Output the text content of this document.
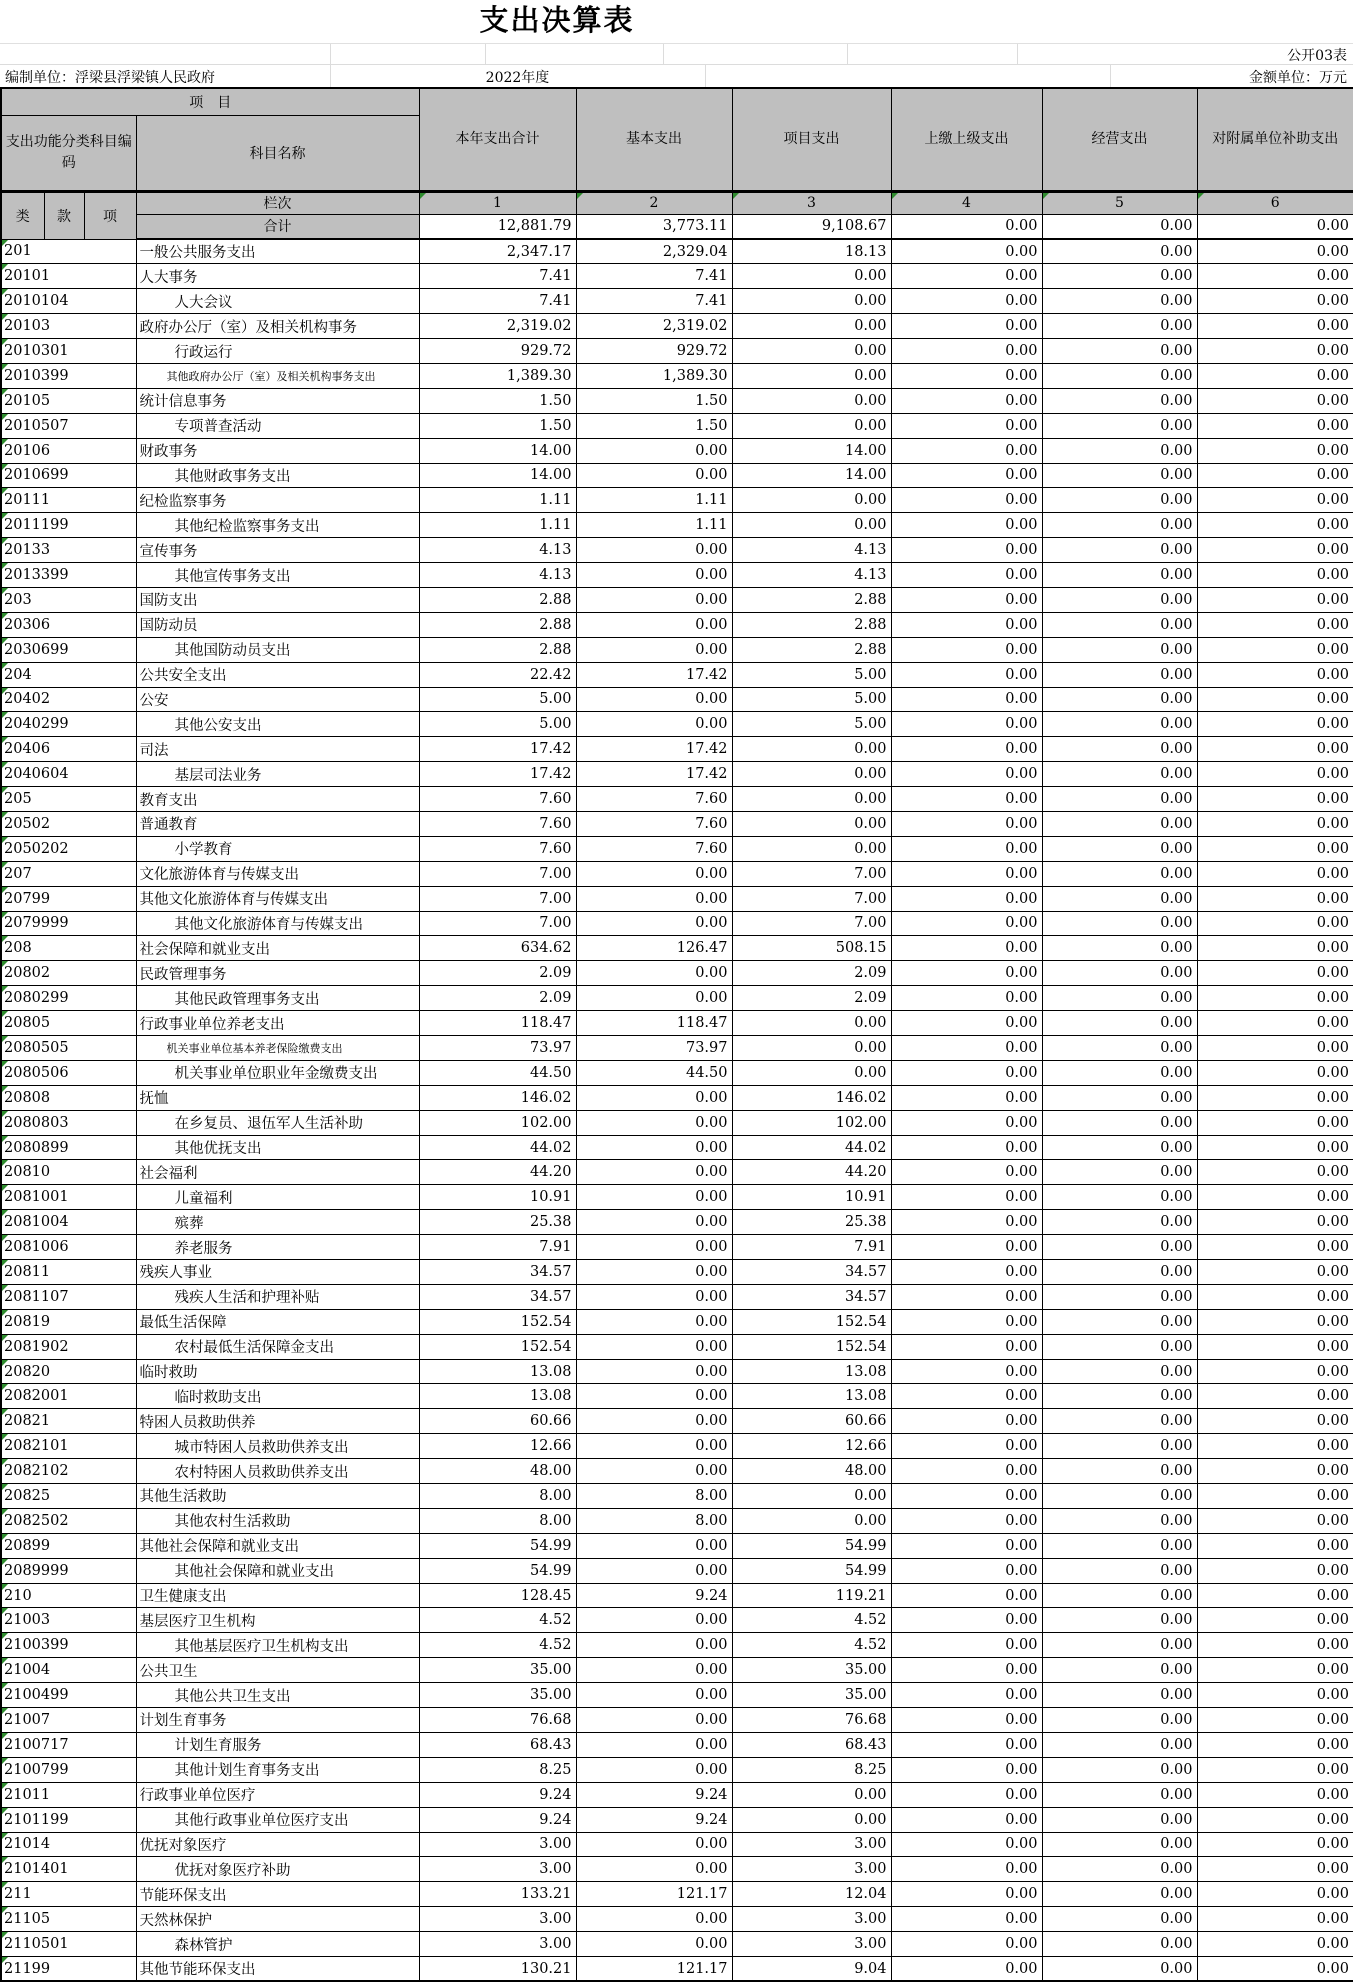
支出决算表
公开03表
编制单位：浮梁县浮梁镇人民政府	2022年度	金额单位：万元
项　目				本年支出合计	基本支出	项目支出	上缴上级支出	经营支出	对附属单位补助支出
支出功能分类科目编码			科目名称						
类	款	项	栏次	1	2	3	4	5	6
			合计	12,881.79	3,773.11	9,108.67	0.00	0.00	0.00
201			一般公共服务支出	2,347.17	2,329.04	18.13	0.00	0.00	0.00
20101			人大事务	7.41	7.41	0.00	0.00	0.00	0.00
2010104			人大会议	7.41	7.41	0.00	0.00	0.00	0.00
20103			政府办公厅（室）及相关机构事务	2,319.02	2,319.02	0.00	0.00	0.00	0.00
2010301			行政运行	929.72	929.72	0.00	0.00	0.00	0.00
2010399			其他政府办公厅（室）及相关机构事务支出	1,389.30	1,389.30	0.00	0.00	0.00	0.00
20105			统计信息事务	1.50	1.50	0.00	0.00	0.00	0.00
2010507			专项普查活动	1.50	1.50	0.00	0.00	0.00	0.00
20106			财政事务	14.00	0.00	14.00	0.00	0.00	0.00
2010699			其他财政事务支出	14.00	0.00	14.00	0.00	0.00	0.00
20111			纪检监察事务	1.11	1.11	0.00	0.00	0.00	0.00
2011199			其他纪检监察事务支出	1.11	1.11	0.00	0.00	0.00	0.00
20133			宣传事务	4.13	0.00	4.13	0.00	0.00	0.00
2013399			其他宣传事务支出	4.13	0.00	4.13	0.00	0.00	0.00
203			国防支出	2.88	0.00	2.88	0.00	0.00	0.00
20306			国防动员	2.88	0.00	2.88	0.00	0.00	0.00
2030699			其他国防动员支出	2.88	0.00	2.88	0.00	0.00	0.00
204			公共安全支出	22.42	17.42	5.00	0.00	0.00	0.00
20402			公安	5.00	0.00	5.00	0.00	0.00	0.00
2040299			其他公安支出	5.00	0.00	5.00	0.00	0.00	0.00
20406			司法	17.42	17.42	0.00	0.00	0.00	0.00
2040604			基层司法业务	17.42	17.42	0.00	0.00	0.00	0.00
205			教育支出	7.60	7.60	0.00	0.00	0.00	0.00
20502			普通教育	7.60	7.60	0.00	0.00	0.00	0.00
2050202			小学教育	7.60	7.60	0.00	0.00	0.00	0.00
207			文化旅游体育与传媒支出	7.00	0.00	7.00	0.00	0.00	0.00
20799			其他文化旅游体育与传媒支出	7.00	0.00	7.00	0.00	0.00	0.00
2079999			其他文化旅游体育与传媒支出	7.00	0.00	7.00	0.00	0.00	0.00
208			社会保障和就业支出	634.62	126.47	508.15	0.00	0.00	0.00
20802			民政管理事务	2.09	0.00	2.09	0.00	0.00	0.00
2080299			其他民政管理事务支出	2.09	0.00	2.09	0.00	0.00	0.00
20805			行政事业单位养老支出	118.47	118.47	0.00	0.00	0.00	0.00
2080505			机关事业单位基本养老保险缴费支出	73.97	73.97	0.00	0.00	0.00	0.00
2080506			机关事业单位职业年金缴费支出	44.50	44.50	0.00	0.00	0.00	0.00
20808			抚恤	146.02	0.00	146.02	0.00	0.00	0.00
2080803			在乡复员、退伍军人生活补助	102.00	0.00	102.00	0.00	0.00	0.00
2080899			其他优抚支出	44.02	0.00	44.02	0.00	0.00	0.00
20810			社会福利	44.20	0.00	44.20	0.00	0.00	0.00
2081001			儿童福利	10.91	0.00	10.91	0.00	0.00	0.00
2081004			殡葬	25.38	0.00	25.38	0.00	0.00	0.00
2081006			养老服务	7.91	0.00	7.91	0.00	0.00	0.00
20811			残疾人事业	34.57	0.00	34.57	0.00	0.00	0.00
2081107			残疾人生活和护理补贴	34.57	0.00	34.57	0.00	0.00	0.00
20819			最低生活保障	152.54	0.00	152.54	0.00	0.00	0.00
2081902			农村最低生活保障金支出	152.54	0.00	152.54	0.00	0.00	0.00
20820			临时救助	13.08	0.00	13.08	0.00	0.00	0.00
2082001			临时救助支出	13.08	0.00	13.08	0.00	0.00	0.00
20821			特困人员救助供养	60.66	0.00	60.66	0.00	0.00	0.00
2082101			城市特困人员救助供养支出	12.66	0.00	12.66	0.00	0.00	0.00
2082102			农村特困人员救助供养支出	48.00	0.00	48.00	0.00	0.00	0.00
20825			其他生活救助	8.00	8.00	0.00	0.00	0.00	0.00
2082502			其他农村生活救助	8.00	8.00	0.00	0.00	0.00	0.00
20899			其他社会保障和就业支出	54.99	0.00	54.99	0.00	0.00	0.00
2089999			其他社会保障和就业支出	54.99	0.00	54.99	0.00	0.00	0.00
210			卫生健康支出	128.45	9.24	119.21	0.00	0.00	0.00
21003			基层医疗卫生机构	4.52	0.00	4.52	0.00	0.00	0.00
2100399			其他基层医疗卫生机构支出	4.52	0.00	4.52	0.00	0.00	0.00
21004			公共卫生	35.00	0.00	35.00	0.00	0.00	0.00
2100499			其他公共卫生支出	35.00	0.00	35.00	0.00	0.00	0.00
21007			计划生育事务	76.68	0.00	76.68	0.00	0.00	0.00
2100717			计划生育服务	68.43	0.00	68.43	0.00	0.00	0.00
2100799			其他计划生育事务支出	8.25	0.00	8.25	0.00	0.00	0.00
21011			行政事业单位医疗	9.24	9.24	0.00	0.00	0.00	0.00
2101199			其他行政事业单位医疗支出	9.24	9.24	0.00	0.00	0.00	0.00
21014			优抚对象医疗	3.00	0.00	3.00	0.00	0.00	0.00
2101401			优抚对象医疗补助	3.00	0.00	3.00	0.00	0.00	0.00
211			节能环保支出	133.21	121.17	12.04	0.00	0.00	0.00
21105			天然林保护	3.00	0.00	3.00	0.00	0.00	0.00
2110501			森林管护	3.00	0.00	3.00	0.00	0.00	0.00
21199			其他节能环保支出	130.21	121.17	9.04	0.00	0.00	0.00
